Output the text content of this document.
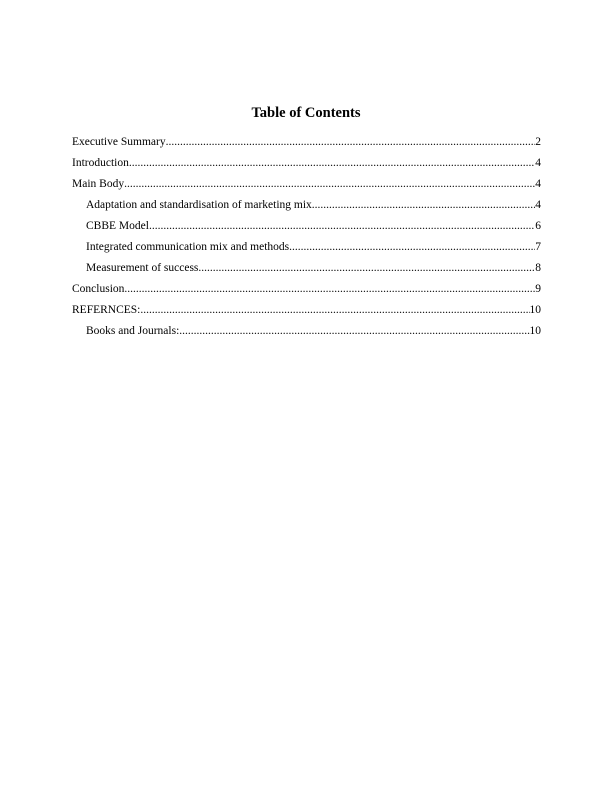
Table of Contents
Executive Summary .....	2
Introduction .....	4
Main Body .....	4
Adaptation and standardisation of marketing mix .....	4
CBBE Model .....	6
Integrated communication mix and methods .....	7
Measurement of success .....	8
Conclusion .....	9
REFERNCES: .....	10
Books and Journals: .....	10
